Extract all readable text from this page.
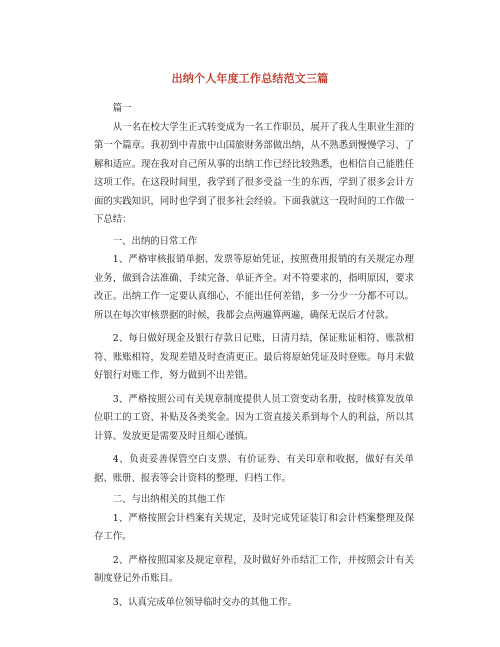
出纳个人年度工作总结范文三篇

篇一

从一名在校大学生正式转变成为一名工作职员，展开了我人生职业生涯的第一个篇章。我初到中青旅中山国旅财务部做出纳，从不熟悉到慢慢学习、了解和适应。现在我对自己所从事的出纳工作已经比较熟悉，也相信自己能胜任这项工作。在这段时间里，我学到了很多受益一生的东西，学到了很多会计方面的实践知识，同时也学到了很多社会经验。下面我就这一段时间的工作做一下总结：

一、出纳的日常工作

1、严格审核报销单据、发票等原始凭证，按照费用报销的有关规定办理业务，做到合法准确、手续完备、单证齐全。对不符要求的，指明原因，要求改正。出纳工作一定要认真细心，不能出任何差错，多一分少一分都不可以。所以在每次审核票据的时候，我都会点两遍算两遍，确保无误后才付款。

2、每日做好现金及银行存款日记账，日清月结，保证账证相符、账款相符、账账相符，发现差错及时查清更正。最后将原始凭证及时登账。每月末做好银行对账工作，努力做到不出差错。

3、严格按照公司有关规章制度提供人员工资变动名册，按时核算发放单位职工的工资、补贴及各类奖金。因为工资直接关系到每个人的利益，所以其计算、发放更是需要及时且细心谨慎。

4、负责妥善保管空白支票、有价证券、有关印章和收据，做好有关单据、账册、报表等会计资料的整理、归档工作。

二、与出纳相关的其他工作

1、严格按照会计档案有关规定，及时完成凭证装订和会计档案整理及保存工作。

2、严格按照国家及规定章程，及时做好外币结汇工作，并按照会计有关制度登记外币账目。

3、认真完成单位领导临时交办的其他工作。
